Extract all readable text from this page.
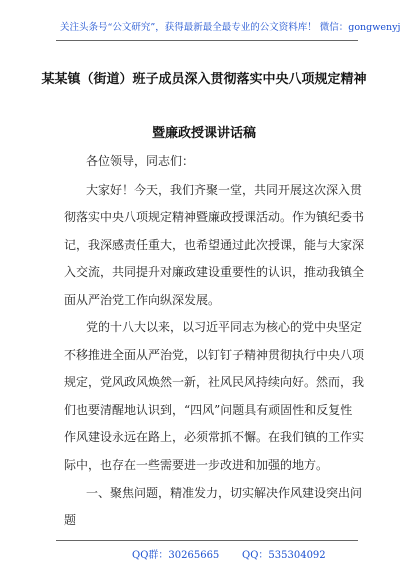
关注头条号“公文研究”，获得最新最全最专业的公文资料库！ 微信：gongwenyj
某某镇（街道）班子成员深入贯彻落实中央八项规定精神
暨廉政授课讲话稿
各位领导，同志们：
大家好！今天，我们齐聚一堂，共同开展这次深入贯
彻落实中央八项规定精神暨廉政授课活动。作为镇纪委书
记，我深感责任重大，也希望通过此次授课，能与大家深
入交流，共同提升对廉政建设重要性的认识，推动我镇全
面从严治党工作向纵深发展。
党的十八大以来，以习近平同志为核心的党中央坚定
不移推进全面从严治党，以钉钉子精神贯彻执行中央八项
规定，党风政风焕然一新，社风民风持续向好。然而，我
们也要清醒地认识到，“四风”问题具有顽固性和反复性
作风建设永远在路上，必须常抓不懈。在我们镇的工作实
际中，也存在一些需要进一步改进和加强的地方。
一、聚焦问题，精准发力，切实解决作风建设突出问
题
QQ群：30265665 QQ：535304092
